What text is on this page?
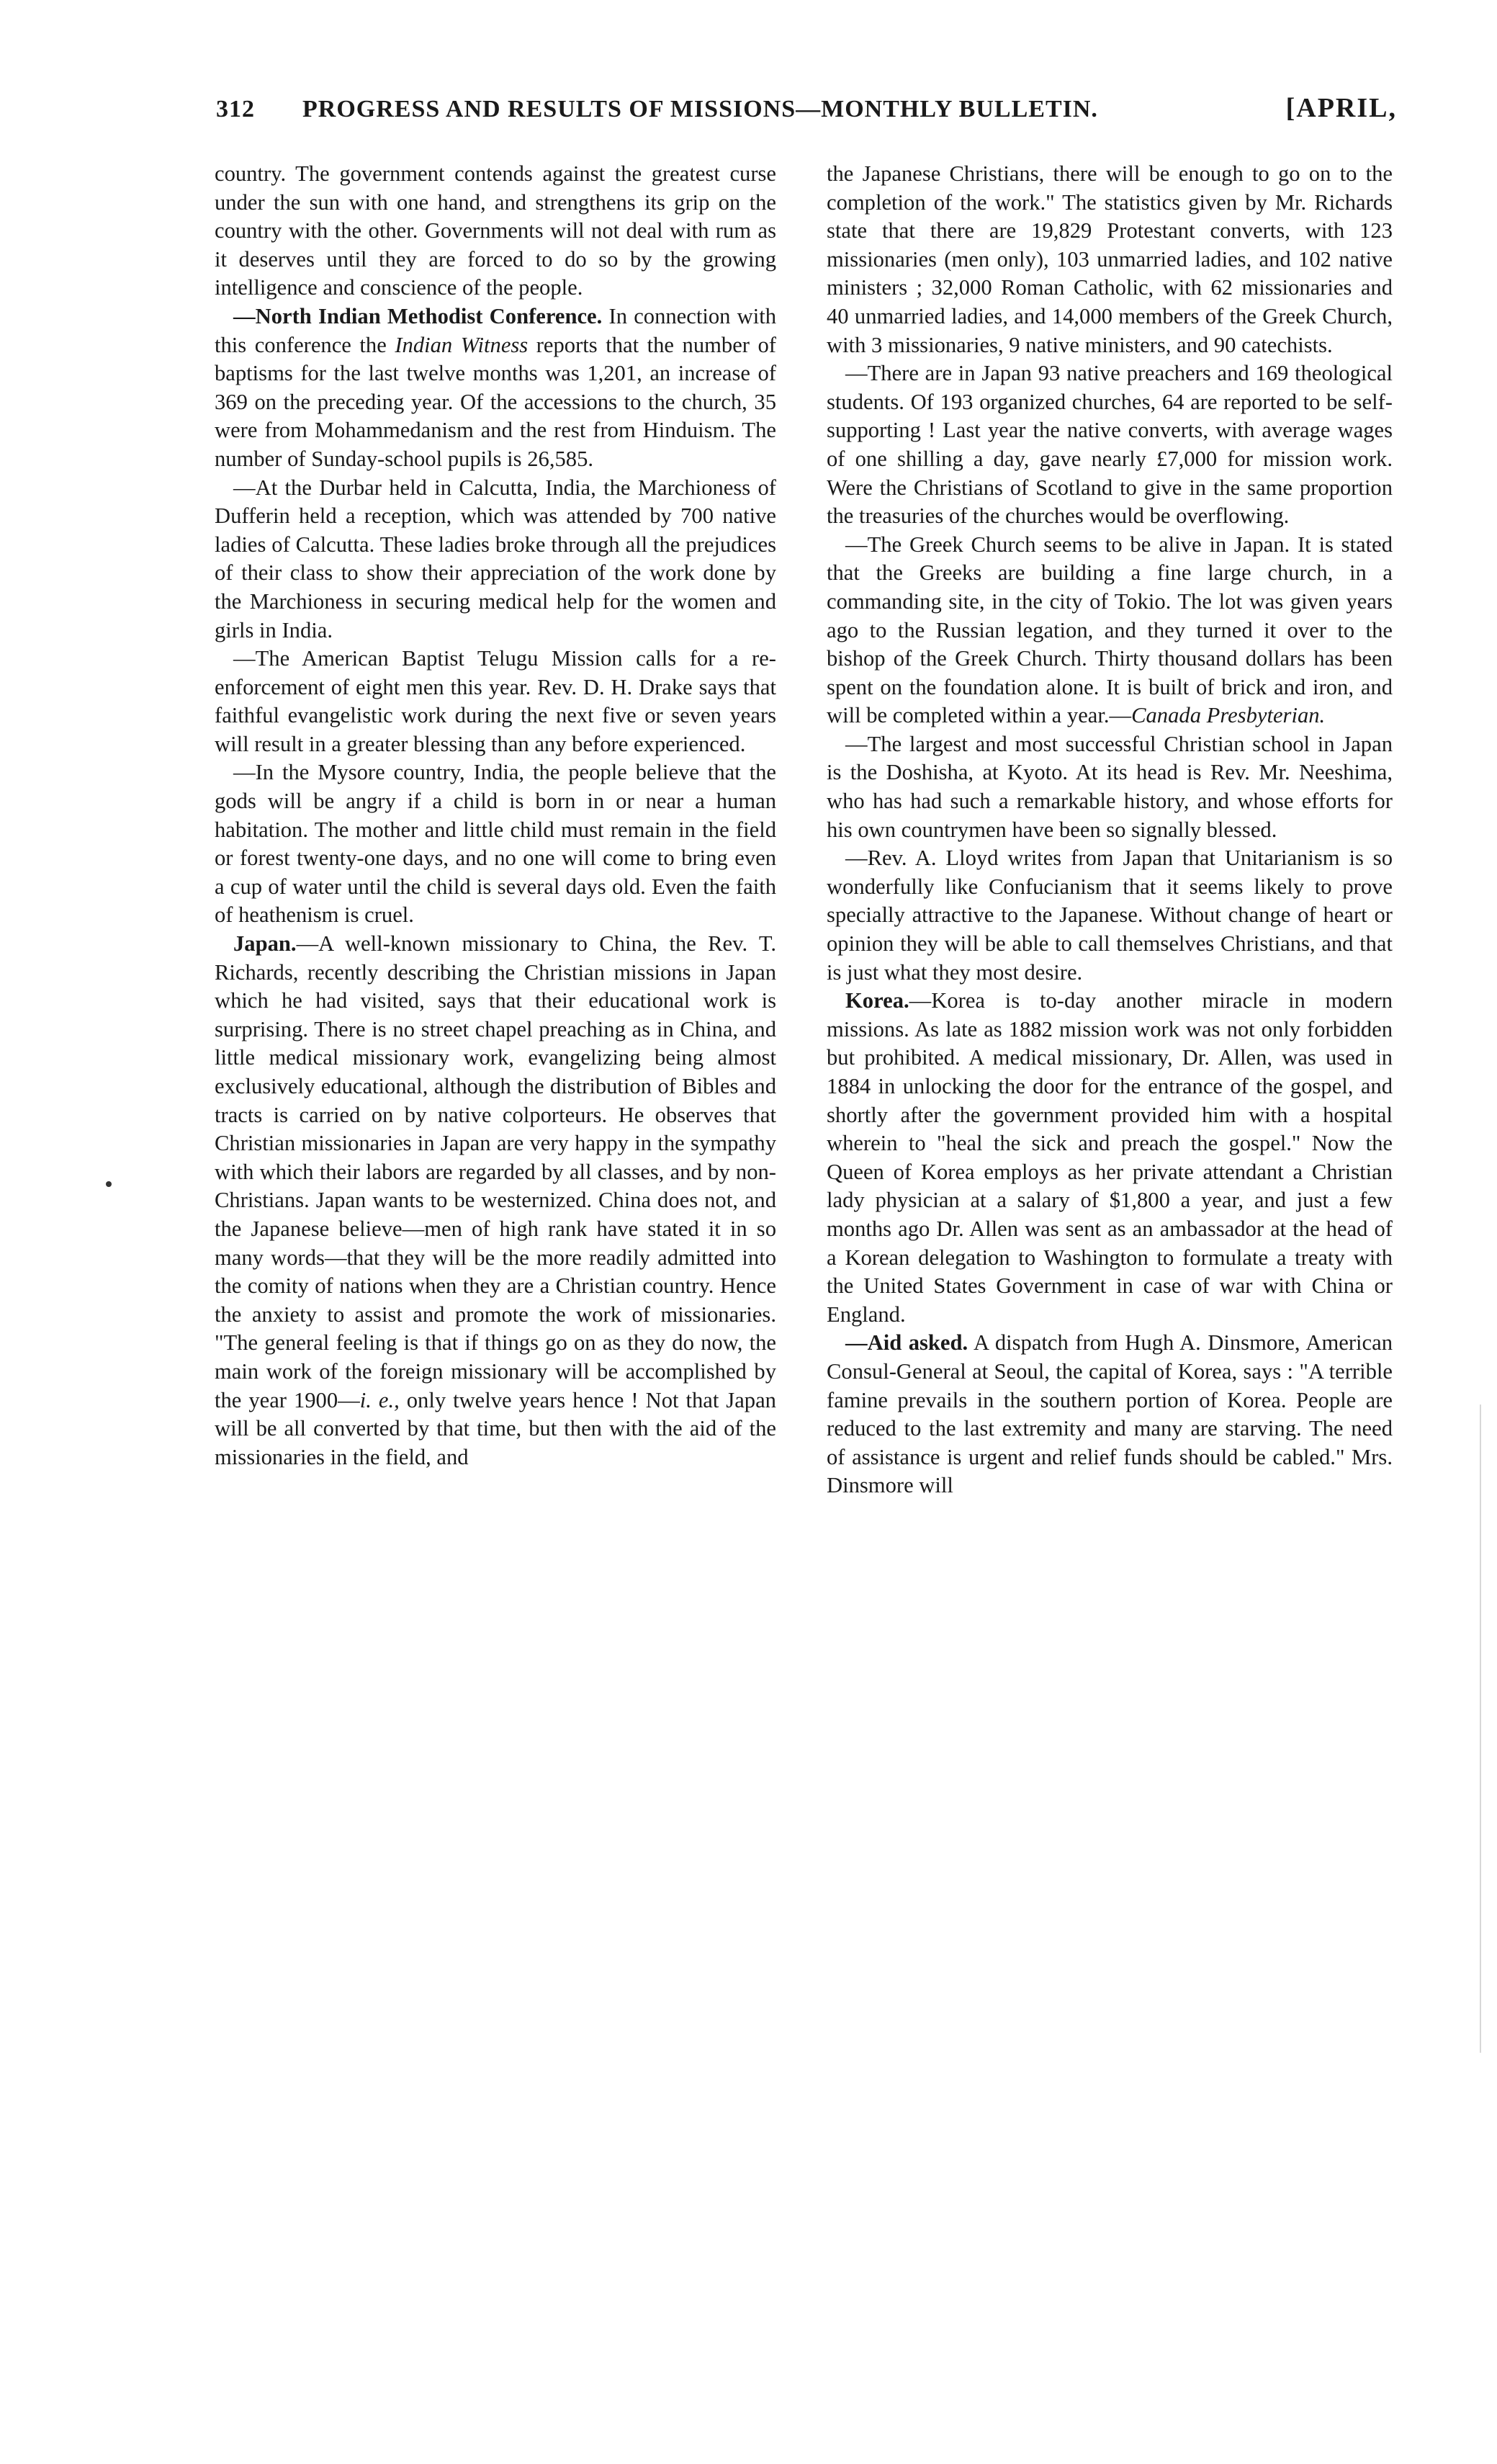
312	PROGRESS AND RESULTS OF MISSIONS—MONTHLY BULLETIN.	[APRIL,

country. The government contends against the greatest curse under the sun with one hand, and strengthens its grip on the country with the other. Governments will not deal with rum as it deserves until they are forced to do so by the growing intelligence and conscience of the people.

—North Indian Methodist Conference. In connection with this conference the Indian Witness reports that the number of baptisms for the last twelve months was 1,201, an increase of 369 on the preceding year. Of the accessions to the church, 35 were from Mohammedanism and the rest from Hinduism. The number of Sunday-school pupils is 26,585.

—At the Durbar held in Calcutta, India, the Marchioness of Dufferin held a reception, which was attended by 700 native ladies of Calcutta. These ladies broke through all the prejudices of their class to show their appreciation of the work done by the Marchioness in securing medical help for the women and girls in India.

—The American Baptist Telugu Mission calls for a re-enforcement of eight men this year. Rev. D. H. Drake says that faithful evangelistic work during the next five or seven years will result in a greater blessing than any before experienced.

—In the Mysore country, India, the people believe that the gods will be angry if a child is born in or near a human habitation. The mother and little child must remain in the field or forest twenty-one days, and no one will come to bring even a cup of water until the child is several days old. Even the faith of heathenism is cruel.

Japan.—A well-known missionary to China, the Rev. T. Richards, recently describing the Christian missions in Japan which he had visited, says that their educational work is surprising. There is no street chapel preaching as in China, and little medical missionary work, evangelizing being almost exclusively educational, although the distribution of Bibles and tracts is carried on by native colporteurs. He observes that Christian missionaries in Japan are very happy in the sympathy with which their labors are regarded by all classes, and by non-Christians. Japan wants to be westernized. China does not, and the Japanese believe—men of high rank have stated it in so many words—that they will be the more readily admitted into the comity of nations when they are a Christian country. Hence the anxiety to assist and promote the work of missionaries. "The general feeling is that if things go on as they do now, the main work of the foreign missionary will be accomplished by the year 1900—i. e., only twelve years hence ! Not that Japan will be all converted by that time, but then with the aid of the missionaries in the field, and

the Japanese Christians, there will be enough to go on to the completion of the work." The statistics given by Mr. Richards state that there are 19,829 Protestant converts, with 123 missionaries (men only), 103 unmarried ladies, and 102 native ministers ; 32,000 Roman Catholic, with 62 missionaries and 40 unmarried ladies, and 14,000 members of the Greek Church, with 3 missionaries, 9 native ministers, and 90 catechists.

—There are in Japan 93 native preachers and 169 theological students. Of 193 organized churches, 64 are reported to be self-supporting ! Last year the native converts, with average wages of one shilling a day, gave nearly £7,000 for mission work. Were the Christians of Scotland to give in the same proportion the treasuries of the churches would be overflowing.

—The Greek Church seems to be alive in Japan. It is stated that the Greeks are building a fine large church, in a commanding site, in the city of Tokio. The lot was given years ago to the Russian legation, and they turned it over to the bishop of the Greek Church. Thirty thousand dollars has been spent on the foundation alone. It is built of brick and iron, and will be completed within a year.—Canada Presbyterian.

—The largest and most successful Christian school in Japan is the Doshisha, at Kyoto. At its head is Rev. Mr. Neeshima, who has had such a remarkable history, and whose efforts for his own countrymen have been so signally blessed.

—Rev. A. Lloyd writes from Japan that Unitarianism is so wonderfully like Confucianism that it seems likely to prove specially attractive to the Japanese. Without change of heart or opinion they will be able to call themselves Christians, and that is just what they most desire.

Korea.—Korea is to-day another miracle in modern missions. As late as 1882 mission work was not only forbidden but prohibited. A medical missionary, Dr. Allen, was used in 1884 in unlocking the door for the entrance of the gospel, and shortly after the government provided him with a hospital wherein to "heal the sick and preach the gospel." Now the Queen of Korea employs as her private attendant a Christian lady physician at a salary of $1,800 a year, and just a few months ago Dr. Allen was sent as an ambassador at the head of a Korean delegation to Washington to formulate a treaty with the United States Government in case of war with China or England.

—Aid asked. A dispatch from Hugh A. Dinsmore, American Consul-General at Seoul, the capital of Korea, says : "A terrible famine prevails in the southern portion of Korea. People are reduced to the last extremity and many are starving. The need of assistance is urgent and relief funds should be cabled." Mrs. Dinsmore will
